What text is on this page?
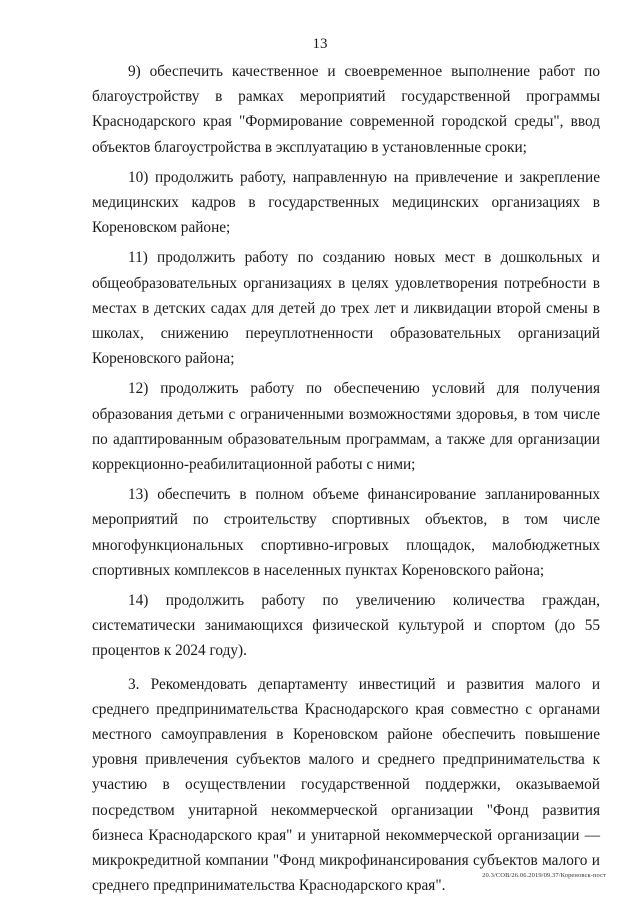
13

9) обеспечить качественное и своевременное выполнение работ по благоустройству в рамках мероприятий государственной программы Краснодарского края "Формирование современной городской среды", ввод объектов благоустройства в эксплуатацию в установленные сроки;

10) продолжить работу, направленную на привлечение и закрепление медицинских кадров в государственных медицинских организациях в Кореновском районе;

11) продолжить работу по созданию новых мест в дошкольных и общеобразовательных организациях в целях удовлетворения потребности в местах в детских садах для детей до трех лет и ликвидации второй смены в школах, снижению переуплотненности образовательных организаций Кореновского района;

12) продолжить работу по обеспечению условий для получения образования детьми с ограниченными возможностями здоровья, в том числе по адаптированным образовательным программам, а также для организации коррекционно-реабилитационной работы с ними;

13) обеспечить в полном объеме финансирование запланированных мероприятий по строительству спортивных объектов, в том числе многофункциональных спортивно-игровых площадок, малобюджетных спортивных комплексов в населенных пунктах Кореновского района;

14) продолжить работу по увеличению количества граждан, систематически занимающихся физической культурой и спортом (до 55 процентов к 2024 году).

3. Рекомендовать департаменту инвестиций и развития малого и среднего предпринимательства Краснодарского края совместно с органами местного самоуправления в Кореновском районе обеспечить повышение уровня привлечения субъектов малого и среднего предпринимательства к участию в осуществлении государственной поддержки, оказываемой посредством унитарной некоммерческой организации "Фонд развития бизнеса Краснодарского края" и унитарной некоммерческой организации — микрокредитной компании "Фонд микрофинансирования субъектов малого и среднего предпринимательства Краснодарского края".

20.3/СОВ/26.06.2019/09.37/Кореновск-пост
